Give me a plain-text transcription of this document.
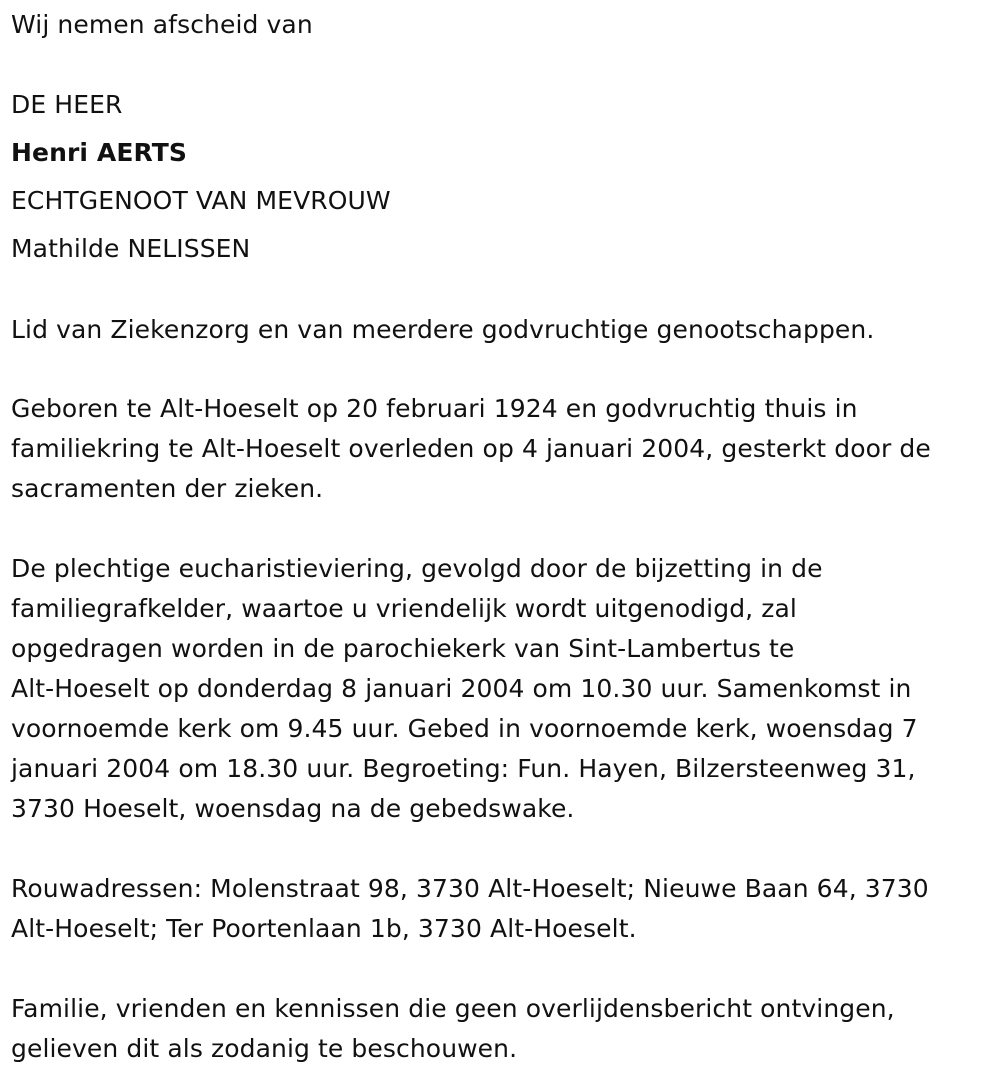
Wij nemen afscheid van
DE HEER
Henri AERTS
ECHTGENOOT VAN MEVROUW
Mathilde NELISSEN
Lid van Ziekenzorg en van meerdere godvruchtige genootschappen.
Geboren te Alt-Hoeselt op 20 februari 1924 en godvruchtig thuis in
familiekring te Alt-Hoeselt overleden op 4 januari 2004, gesterkt door de
sacramenten der zieken.
De plechtige eucharistieviering, gevolgd door de bijzetting in de
familiegrafkelder, waartoe u vriendelijk wordt uitgenodigd, zal
opgedragen worden in de parochiekerk van Sint-Lambertus te
Alt-Hoeselt op donderdag 8 januari 2004 om 10.30 uur. Samenkomst in
voornoemde kerk om 9.45 uur. Gebed in voornoemde kerk, woensdag 7
januari 2004 om 18.30 uur. Begroeting: Fun. Hayen, Bilzersteenweg 31,
3730 Hoeselt, woensdag na de gebedswake.
Rouwadressen: Molenstraat 98, 3730 Alt-Hoeselt; Nieuwe Baan 64, 3730
Alt-Hoeselt; Ter Poortenlaan 1b, 3730 Alt-Hoeselt.
Familie, vrienden en kennissen die geen overlijdensbericht ontvingen,
gelieven dit als zodanig te beschouwen.
